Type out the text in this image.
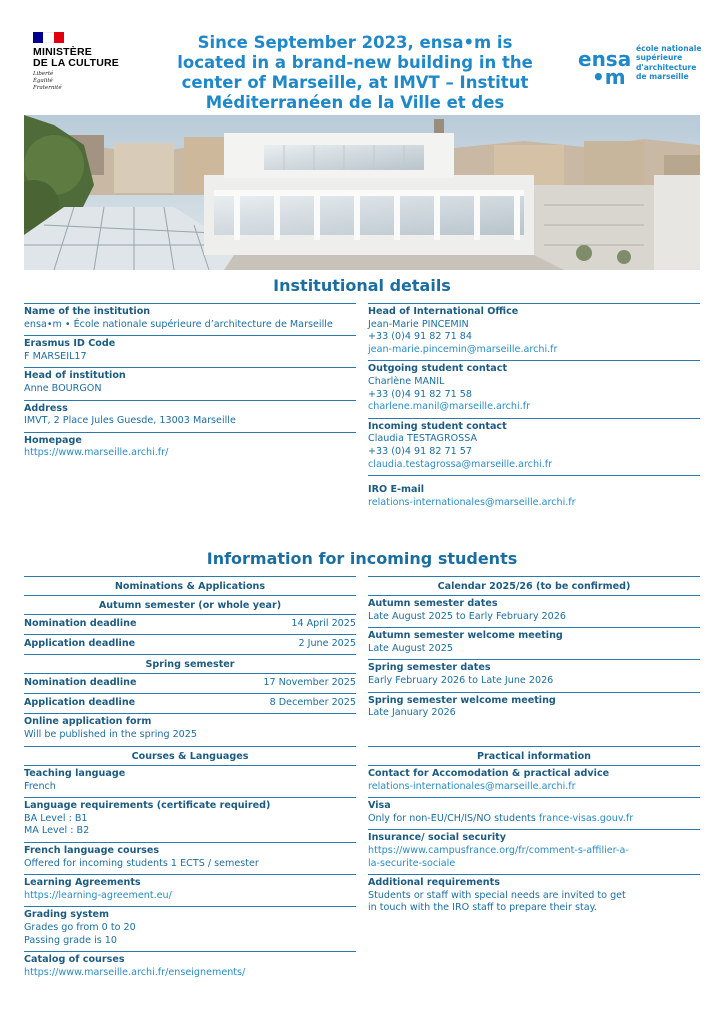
MINISTÈRE
DE LA CULTURE
Liberté
Égalité
Fraternité
Since September 2023, ensa•m is located in a brand-new building in the center of Marseille, at IMVT – Institut Méditerranéen de la Ville et des
ensa
•m
école nationale
supérieure
d'architecture
de marseille
Institutional details
Name of the institution
ensa•m • École nationale supérieure d’architecture de Marseille
Erasmus ID Code
F MARSEIL17
Head of institution
Anne BOURGON
Address
IMVT, 2 Place Jules Guesde, 13003 Marseille
Homepage
https://www.marseille.archi.fr/
Head of International Office
Jean-Marie PINCEMIN
+33 (0)4 91 82 71 84
jean-marie.pincemin@marseille.archi.fr
Outgoing student contact
Charlène MANIL
+33 (0)4 91 82 71 58
charlene.manil@marseille.archi.fr
Incoming student contact
Claudia TESTAGROSSA
+33 (0)4 91 82 71 57
claudia.testagrossa@marseille.archi.fr
IRO E-mail
relations-internationales@marseille.archi.fr
Information for incoming students
Nominations & Applications
Autumn semester (or whole year)
Nomination deadline	14 April 2025
Application deadline	2 June 2025
Spring semester
Nomination deadline	17 November 2025
Application deadline	8 December 2025
Online application form
Will be published in the spring 2025
Calendar 2025/26 (to be confirmed)
Autumn semester dates
Late August 2025 to Early February 2026
Autumn semester welcome meeting
Late August 2025
Spring semester dates
Early February 2026 to Late June 2026
Spring semester welcome meeting
Late January 2026
Courses & Languages
Teaching language
French
Language requirements (certificate required)
BA Level : B1
MA Level : B2
French language courses
Offered for incoming students 1 ECTS / semester
Learning Agreements
https://learning-agreement.eu/
Grading system
Grades go from 0 to 20
Passing grade is 10
Catalog of courses
https://www.marseille.archi.fr/enseignements/
Practical information
Contact for Accomodation & practical advice
relations-internationales@marseille.archi.fr
Visa
Only for non-EU/CH/IS/NO students france-visas.gouv.fr
Insurance/ social security
https://www.campusfrance.org/fr/comment-s-affilier-a-
la-securite-sociale
Additional requirements
Students or staff with special needs are invited to get
in touch with the IRO staff to prepare their stay.
